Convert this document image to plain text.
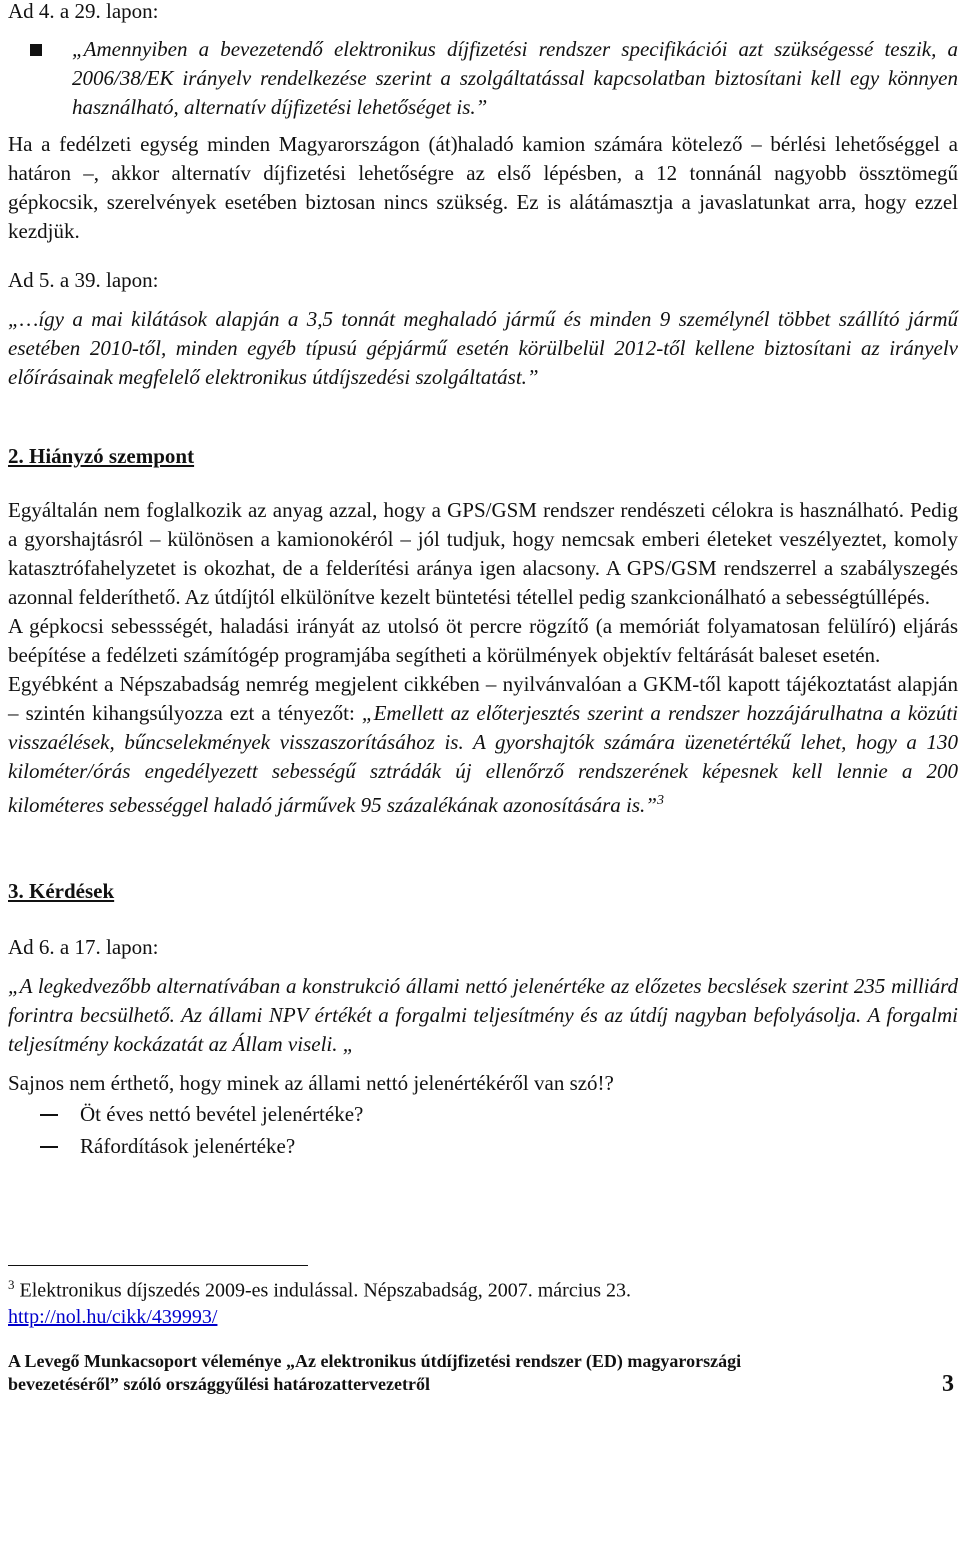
Ad 4. a 29. lapon:

„Amennyiben a bevezetendő elektronikus díjfizetési rendszer specifikációi azt szükségessé teszik, a 2006/38/EK irányelv rendelkezése szerint a szolgáltatással kapcsolatban biztosítani kell egy könnyen használható, alternatív díjfizetési lehetőséget is.”

Ha a fedélzeti egység minden Magyarországon (át)haladó kamion számára kötelező – bérlési lehetőséggel a határon –, akkor alternatív díjfizetési lehetőségre az első lépésben, a 12 tonnánál nagyobb össztömegű gépkocsik, szerelvények esetében biztosan nincs szükség. Ez is alátámasztja a javaslatunkat arra, hogy ezzel kezdjük.

Ad 5. a 39. lapon:

„…így a mai kilátások alapján a 3,5 tonnát meghaladó jármű és minden 9 személynél többet szállító jármű esetében 2010-től, minden egyéb típusú gépjármű esetén körülbelül 2012-től kellene biztosítani az irányelv előírásainak megfelelő elektronikus útdíjszedési szolgáltatást.”

2. Hiányzó szempont

Egyáltalán nem foglalkozik az anyag azzal, hogy a GPS/GSM rendszer rendészeti célokra is használható. Pedig a gyorshajtásról – különösen a kamionokéról – jól tudjuk, hogy nemcsak emberi életeket veszélyeztet, komoly katasztrófahelyzetet is okozhat, de a felderítési aránya igen alacsony. A GPS/GSM rendszerrel a szabályszegés azonnal felderíthető. Az útdíjtól elkülönítve kezelt büntetési tétellel pedig szankcionálható a sebességtúllépés.

A gépkocsi sebessségét, haladási irányát az utolsó öt percre rögzítő (a memóriát folyamatosan felülíró) eljárás beépítése a fedélzeti számítógép programjába segítheti a körülmények objektív feltárását baleset esetén.

Egyébként a Népszabadság nemrég megjelent cikkében – nyilvánvalóan a GKM-től kapott tájékoztatást alapján – szintén kihangsúlyozza ezt a tényezőt: „Emellett az előterjesztés szerint a rendszer hozzájárulhatna a közúti visszaélések, bűncselekmények visszaszorításához is. A gyorshajtók számára üzenetértékű lehet, hogy a 130 kilométer/órás engedélyezett sebességű sztrádák új ellenőrző rendszerének képesnek kell lennie a 200 kilométeres sebességgel haladó járművek 95 százalékának azonosítására is.”$^3$

3. Kérdések

Ad 6. a 17. lapon:

„A legkedvezőbb alternatívában a konstrukció állami nettó jelenértéke az előzetes becslések szerint 235 milliárd forintra becsülhető. Az állami NPV értékét a forgalmi teljesítmény és az útdíj nagyban befolyásolja. A forgalmi teljesítmény kockázatát az Állam viseli. „

Sajnos nem érthető, hogy minek az állami nettó jelenértékéről van szó!?

Öt éves nettó bevétel jelenértéke?
Ráfordítások jelenértéke?

$^3$ Elektronikus díjszedés 2009-es indulással. Népszabadság, 2007. március 23.

http://nol.hu/cikk/439993/

A Levegő Munkacsoport véleménye „Az elektronikus útdíjfizetési rendszer (ED) magyarországi
bevezetéséről” szóló országgyűlési határozattervezetről	3
